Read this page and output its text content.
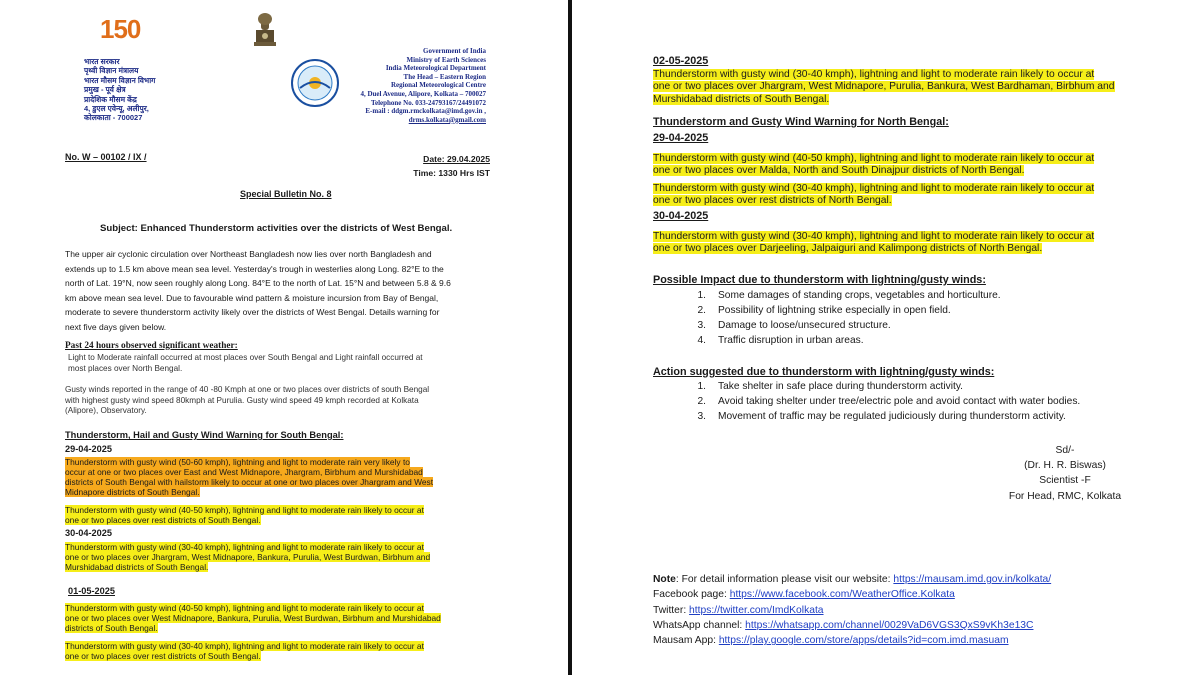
150
भारत सरकार
पृथ्वी विज्ञान मंत्रालय
भारत मौसम विज्ञान विभाग
प्रमुख - पूर्व क्षेत्र
प्रादेशिक मौसम केंद्र
4, डुएल एवेन्यू, अलीपुर,
कोलकाता - 700027
Government of India
Ministry of Earth Sciences
India Meteorological Department
The Head – Eastern Region
Regional Meteorological Centre
4, Duel Avenue, Alipore, Kolkata – 700027
Telephone No. 033-24793167/24491072
E-mail : ddgm.rmckolkata@imd.gov.in ,
drms.kolkata@gmail.com
No. W – 00102 / IX /	Date: 29.04.2025
Time: 1330 Hrs IST
Special Bulletin No. 8
Subject: Enhanced Thunderstorm activities over the districts of West Bengal.
The upper air cyclonic circulation over Northeast Bangladesh now lies over north Bangladesh and
extends up to 1.5 km above mean sea level. Yesterday's trough in westerlies along Long. 82°E to the
north of Lat. 19°N, now seen roughly along Long. 84°E to the north of Lat. 15°N and between 5.8 & 9.6
km above mean sea level. Due to favourable wind pattern & moisture incursion from Bay of Bengal,
moderate to severe thunderstorm activity likely over the districts of West Bengal. Details warning for
next five days given below.
Past 24 hours observed significant weather:
Light to Moderate rainfall occurred at most places over South Bengal and Light rainfall occurred at
most places over North Bengal.
Gusty winds reported in the range of 40 -80 Kmph at one or two places over districts of south Bengal
with highest gusty wind speed 80kmph at Purulia. Gusty wind speed 49 kmph recorded at Kolkata
(Alipore), Observatory.
Thunderstorm, Hail and Gusty Wind Warning for South Bengal:
29-04-2025
Thunderstorm with gusty wind (50-60 kmph), lightning and light to moderate rain very likely to
occur at one or two places over East and West Midnapore, Jhargram, Birbhum and Murshidabad
districts of South Bengal with hailstorm likely to occur at one or two places over Jhargram and West
Midnapore districts of South Bengal.
Thunderstorm with gusty wind (40-50 kmph), lightning and light to moderate rain likely to occur at
one or two places over rest districts of South Bengal.
30-04-2025
Thunderstorm with gusty wind (30-40 kmph), lightning and light to moderate rain likely to occur at
one or two places over Jhargram, West Midnapore, Bankura, Purulia, West Burdwan, Birbhum and
Murshidabad districts of South Bengal.
01-05-2025
Thunderstorm with gusty wind (40-50 kmph), lightning and light to moderate rain likely to occur at
one or two places over West Midnapore, Bankura, Purulia, West Burdwan, Birbhum and Murshidabad
districts of South Bengal.
Thunderstorm with gusty wind (30-40 kmph), lightning and light to moderate rain likely to occur at
one or two places over rest districts of South Bengal.
02-05-2025
Thunderstorm with gusty wind (30-40 kmph), lightning and light to moderate rain likely to occur at
one or two places over Jhargram, West Midnapore, Purulia, Bankura, West Bardhaman, Birbhum and
Murshidabad districts of South Bengal.
Thunderstorm and Gusty Wind Warning for North Bengal:
29-04-2025
Thunderstorm with gusty wind (40-50 kmph), lightning and light to moderate rain likely to occur at
one or two places over Malda, North and South Dinajpur districts of North Bengal.
Thunderstorm with gusty wind (30-40 kmph), lightning and light to moderate rain likely to occur at
one or two places over rest districts of North Bengal.
30-04-2025
Thunderstorm with gusty wind (30-40 kmph), lightning and light to moderate rain likely to occur at
one or two places over Darjeeling, Jalpaiguri and Kalimpong districts of North Bengal.
Possible Impact due to thunderstorm with lightning/gusty winds:
1. Some damages of standing crops, vegetables and horticulture.
2. Possibility of lightning strike especially in open field.
3. Damage to loose/unsecured structure.
4. Traffic disruption in urban areas.
Action suggested due to thunderstorm with lightning/gusty winds:
1. Take shelter in safe place during thunderstorm activity.
2. Avoid taking shelter under tree/electric pole and avoid contact with water bodies.
3. Movement of traffic may be regulated judiciously during thunderstorm activity.
Sd/-
(Dr. H. R. Biswas)
Scientist -F
For Head, RMC, Kolkata
Note: For detail information please visit our website: https://mausam.imd.gov.in/kolkata/
Facebook page: https://www.facebook.com/WeatherOffice.Kolkata
Twitter: https://twitter.com/ImdKolkata
WhatsApp channel: https://whatsapp.com/channel/0029VaD6VGS3QxS9vKh3e13C
Mausam App: https://play.google.com/store/apps/details?id=com.imd.masuam
